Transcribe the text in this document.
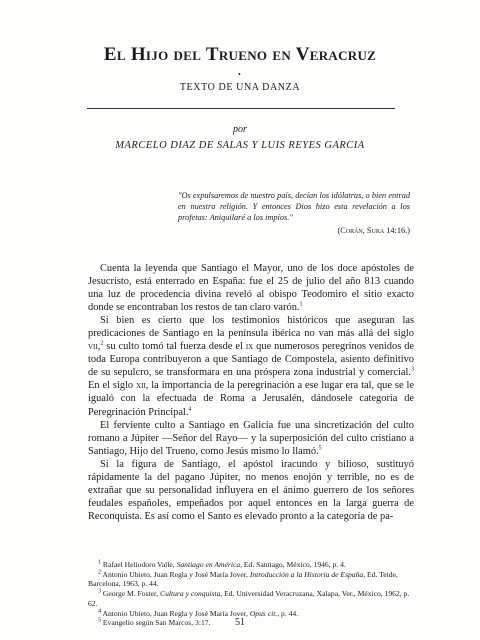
El Hijo del Trueno en Veracruz
•
TEXTO DE UNA DANZA
por
MARCELO DIAZ DE SALAS Y LUIS REYES GARCIA
"Os expulsaremos de nuestro país, decían los idólatras, o bien entrad en nuestra religión. Y entonces Dios hizo esta revelación a los profetas: Aniquilaré a los impíos."
(Corán, Sura 14:16.)

Cuenta la leyenda que Santiago el Mayor, uno de los doce apóstoles de Jesucristo, está enterrado en España: fue el 25 de julio del año 813 cuando una luz de procedencia divina reveló al obispo Teodomiro el sitio exacto donde se encontraban los restos de tan claro varón.$^1$

Si bien es cierto que los testimonios históricos que aseguran las predicaciones de Santiago en la península ibérica no van más allá del siglo vii,$^2$ su culto tomó tal fuerza desde el ix que numerosos peregrinos venidos de toda Europa contribuyeron a que Santiago de Compostela, asiento definitivo de su sepulcro, se transformara en una próspera zona industrial y comercial.$^3$ En el siglo xii, la importancia de la peregrinación a ese lugar era tal, que se le igualó con la efectuada de Roma a Jerusalén, dándosele categoría de Peregrinación Principal.$^4$

El ferviente culto a Santiago en Galicia fue una sincretización del culto romano a Júpiter —Señor del Rayo— y la superposición del culto cristiano a Santiago, Hijo del Trueno, como Jesús mismo lo llamó.$^5$

Si la figura de Santiago, el apóstol iracundo y bilioso, sustituyó rápidamente la del pagano Júpiter, no menos enojón y terrible, no es de extrañar que su personalidad influyera en el ánimo guerrero de los señores feudales españoles, empeñados por aquel entonces en la larga guerra de Reconquista. Es así como el Santo es elevado pronto a la categoría de pa-

$^1$ Rafael Heliodoro Valle, Santiago en América, Ed. Santiago, México, 1946, p. 4.

$^2$ Antonio Ubieto, Juan Regla y José María Jover, Introducción a la Historia de España, Ed. Teide, Barcelona, 1963, p. 44.

$^3$ George M. Foster, Cultura y conquista, Ed. Universidad Veracruzana, Xalapa, Ver., México, 1962, p. 62.

$^4$ Antonio Ubieto, Juan Regla y José María Jover, Opus cit., p. 44.

$^5$ Evangelio según San Marcos, 3:17.	51
